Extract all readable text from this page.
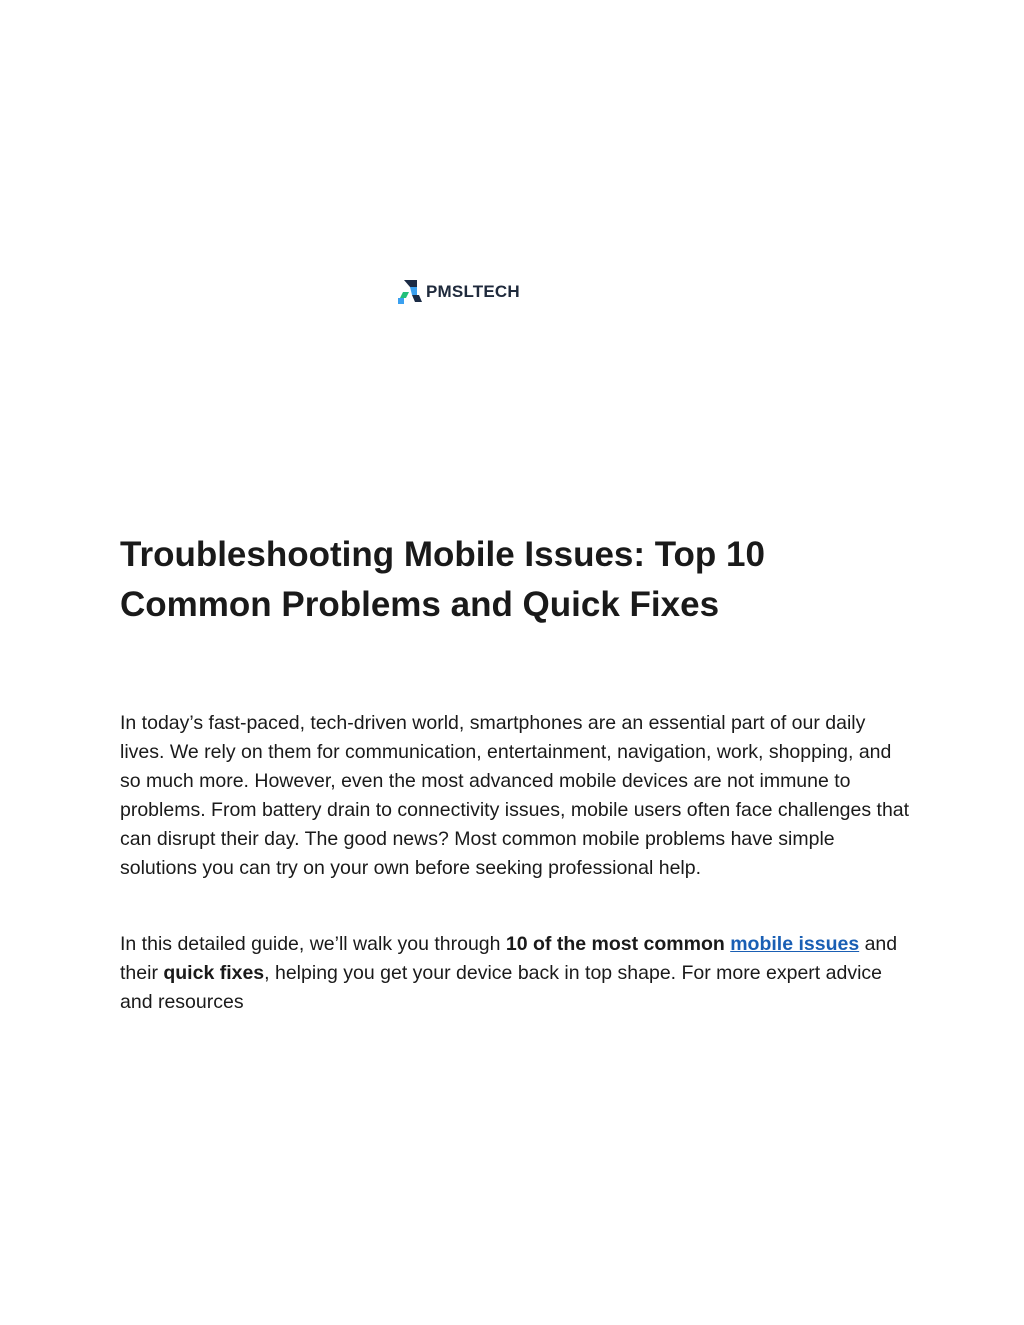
PMSLTECH
Troubleshooting Mobile Issues: Top 10 Common Problems and Quick Fixes

In today’s fast-paced, tech-driven world, smartphones are an essential part of our daily lives. We rely on them for communication, entertainment, navigation, work, shopping, and so much more. However, even the most advanced mobile devices are not immune to problems. From battery drain to connectivity issues, mobile users often face challenges that can disrupt their day. The good news? Most common mobile problems have simple solutions you can try on your own before seeking professional help.

In this detailed guide, we’ll walk you through 10 of the most common mobile issues and their quick fixes, helping you get your device back in top shape. For more expert advice and resources
